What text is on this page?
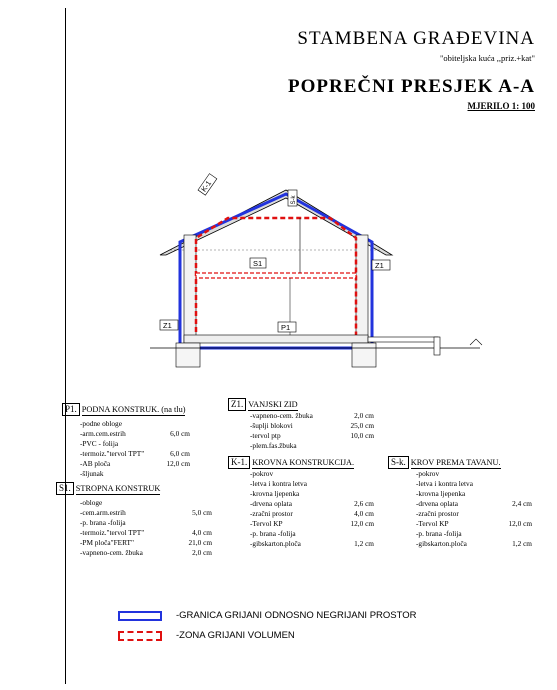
STAMBENA GRAĐEVINA
"obiteljska kuća ,,priz.+kat"
POPREČNI PRESJEK A-A
MJERILO 1: 100
S1	Z1
Z1	P1
K-1
S-k
P1. PODNA KONSTRUK. (na tlu)
-podne obloge
-arm.cem.estrih	6,0 cm
-PVC - folija
-termoiz."tervol TPT"	6,0 cm
-AB ploča	12,0 cm
-šljunak
S1. STROPNA KONSTRUK
-obloge
-cem.arm.estrih	5,0 cm
-p. brana -folija
-termoiz."tervol TPT"	4,0 cm
-PM ploča"FERT"	21,0 cm
-vapneno-cem. žbuka	2,0 cm
Z1. VANJSKI ZID
-vapneno-cem. žbuka	2,0 cm
-šuplji blokovi	25,0 cm
-tervol ptp	10,0 cm
-plem.fas.žbuka
K-1. KROVNA KONSTRUKCIJA.
-pokrov
-letva i kontra letva
-krovna ljepenka
-drvena oplata	2,6 cm
-zračni prostor	4,0 cm
-Tervol KP	12,0 cm
-p. brana -folija
-gibskarton.ploča	1,2 cm
S-k. KROV PREMA TAVANU.
-pokrov
-letva i kontra letva
-krovna ljepenka
-drvena oplata	2,4 cm
-zračni prostor
-Tervol KP	12,0 cm
-p. brana -folija
-gibskarton.ploča	1,2 cm
-GRANICA GRIJANI ODNOSNO NEGRIJANI PROSTOR
-ZONA GRIJANI VOLUMEN
